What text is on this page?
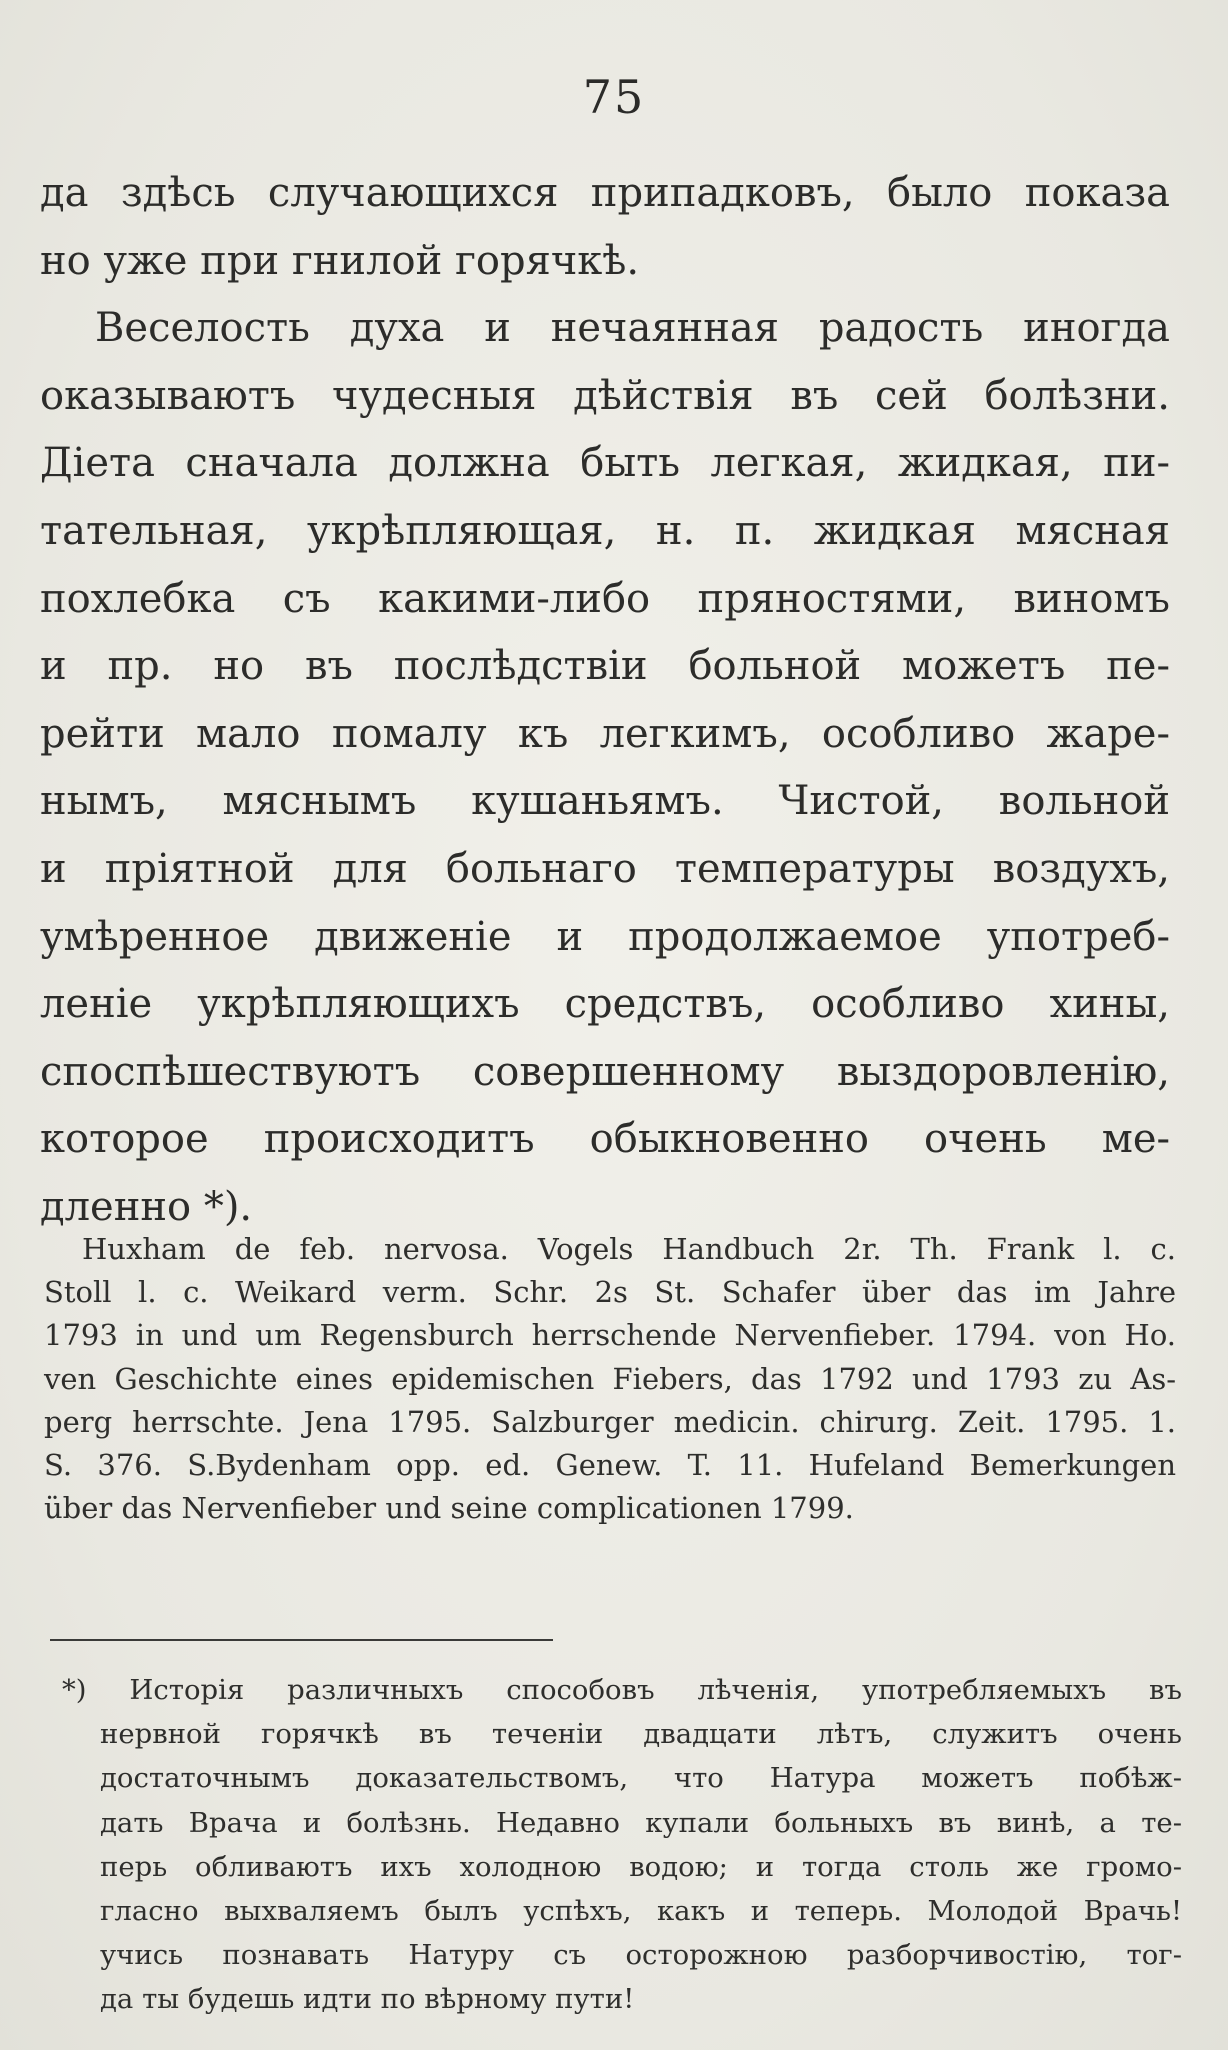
75
да здѣсь случающихся припадковъ, было показа
но уже при гнилой горячкѣ.
Веселость духа и нечаянная радость иногда
оказываютъ чудесныя дѣйствія въ сей болѣзни.
Діета сначала должна быть легкая, жидкая, пи-
тательная, укрѣпляющая, н. п. жидкая мясная
похлебка съ какими-либо пряностями, виномъ
и пр. но въ послѣдствіи больной можетъ пе-
рейти мало помалу къ легкимъ, особливо жаре-
нымъ, мяснымъ кушаньямъ. Чистой, вольной
и пріятной для больнаго температуры воздухъ,
умѣренное движеніе и продолжаемое употреб-
леніе укрѣпляющихъ средствъ, особливо хины,
споспѣшествуютъ совершенному выздоровленію,
которое происходитъ обыкновенно очень ме-
дленно *).
Huxham de feb. nervosa. Vogels Handbuch 2r. Th. Frank l. c.
Stoll l. c. Weikard verm. Schr. 2s St. Schafer über das im Jahre
1793 in und um Regensburch herrschende Nervenfieber. 1794. von Ho.
ven Geschichte eines epidemischen Fiebers, das 1792 und 1793 zu As-
perg herrschte. Jena 1795. Salzburger medicin. chirurg. Zeit. 1795. 1.
S. 376. S.Bydenham opp. ed. Genew. T. 11. Hufeland Bemerkungen
über das Nervenfieber und seine complicationen 1799.
*) Исторія различныхъ способовъ лѣченія, употребляемыхъ въ
нервной горячкѣ въ теченіи двадцати лѣтъ, служитъ очень
достаточнымъ доказательствомъ, что Натура можетъ побѣж-
дать Врача и болѣзнь. Недавно купали больныхъ въ винѣ, а те-
перь обливаютъ ихъ холодною водою; и тогда столь же громо-
гласно выхваляемъ былъ успѣхъ, какъ и теперь. Молодой Врачь!
учись познавать Натуру съ осторожною разборчивостію, тог-
да ты будешь идти по вѣрному пути!
